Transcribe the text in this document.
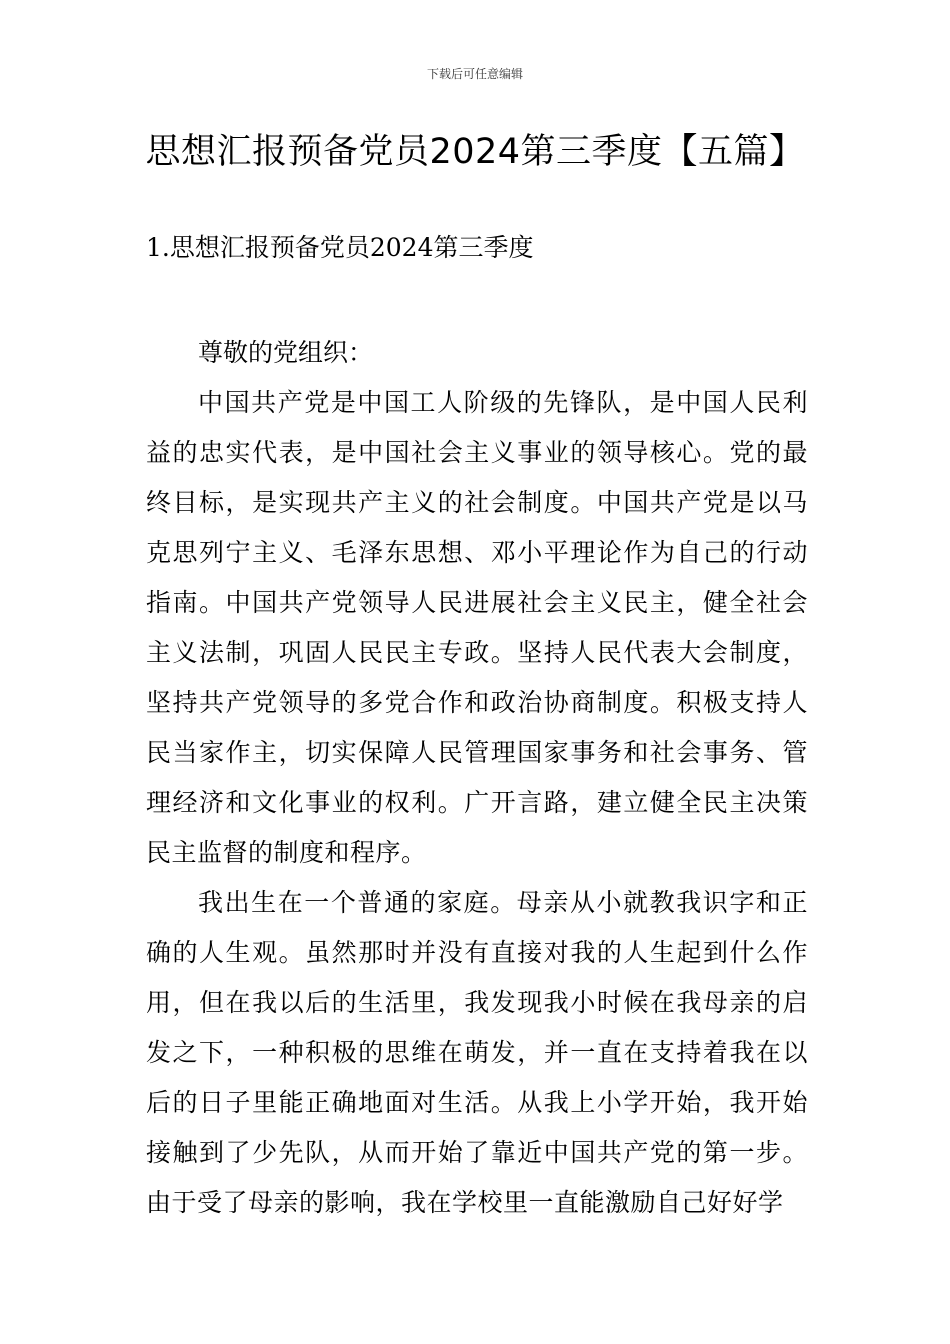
下载后可任意编辑
思想汇报预备党员2024第三季度【五篇】
1.思想汇报预备党员2024第三季度

尊敬的党组织：

中国共产党是中国工人阶级的先锋队，是中国人民利益的忠实代表，是中国社会主义事业的领导核心。党的最终目标，是实现共产主义的社会制度。中国共产党是以马克思列宁主义、毛泽东思想、邓小平理论作为自己的行动指南。中国共产党领导人民进展社会主义民主，健全社会主义法制，巩固人民民主专政。坚持人民代表大会制度，坚持共产党领导的多党合作和政治协商制度。积极支持人民当家作主，切实保障人民管理国家事务和社会事务、管理经济和文化事业的权利。广开言路，建立健全民主决策民主监督的制度和程序。

我出生在一个普通的家庭。母亲从小就教我识字和正确的人生观。虽然那时并没有直接对我的人生起到什么作用，但在我以后的生活里，我发现我小时候在我母亲的启发之下，一种积极的思维在萌发，并一直在支持着我在以后的日子里能正确地面对生活。从我上小学开始，我开始接触到了少先队，从而开始了靠近中国共产党的第一步。由于受了母亲的影响，我在学校里一直能激励自己好好学
